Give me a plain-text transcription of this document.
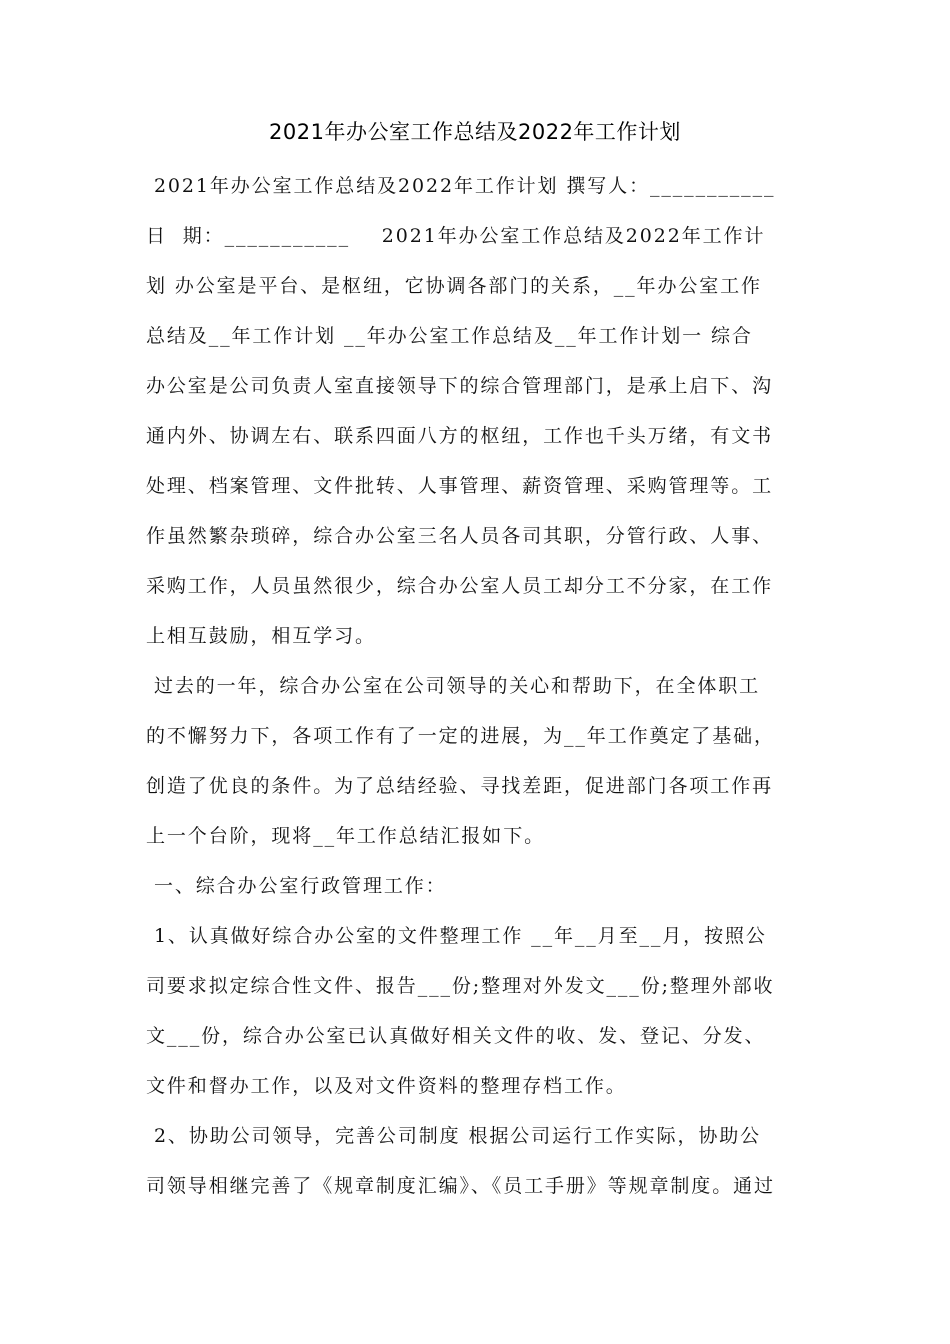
2021年办公室工作总结及2022年工作计划
2021年办公室工作总结及2022年工作计划 撰写人：___________
日  期：___________    2021年办公室工作总结及2022年工作计
划 办公室是平台、是枢纽，它协调各部门的关系，__年办公室工作
总结及__年工作计划 __年办公室工作总结及__年工作计划一 综合
办公室是公司负责人室直接领导下的综合管理部门，是承上启下、沟
通内外、协调左右、联系四面八方的枢纽，工作也千头万绪，有文书
处理、档案管理、文件批转、人事管理、薪资管理、采购管理等。工
作虽然繁杂琐碎，综合办公室三名人员各司其职，分管行政、人事、
采购工作，人员虽然很少，综合办公室人员工却分工不分家，在工作
上相互鼓励，相互学习。
过去的一年，综合办公室在公司领导的关心和帮助下，在全体职工
的不懈努力下，各项工作有了一定的进展，为__年工作奠定了基础，
创造了优良的条件。为了总结经验、寻找差距，促进部门各项工作再
上一个台阶，现将__年工作总结汇报如下。
一、综合办公室行政管理工作：
1、认真做好综合办公室的文件整理工作 __年__月至__月，按照公
司要求拟定综合性文件、报告___份;整理对外发文___份;整理外部收
文___份，综合办公室已认真做好相关文件的收、发、登记、分发、
文件和督办工作，以及对文件资料的整理存档工作。
2、协助公司领导，完善公司制度 根据公司运行工作实际，协助公
司领导相继完善了《规章制度汇编》、《员工手册》等规章制度。通过
